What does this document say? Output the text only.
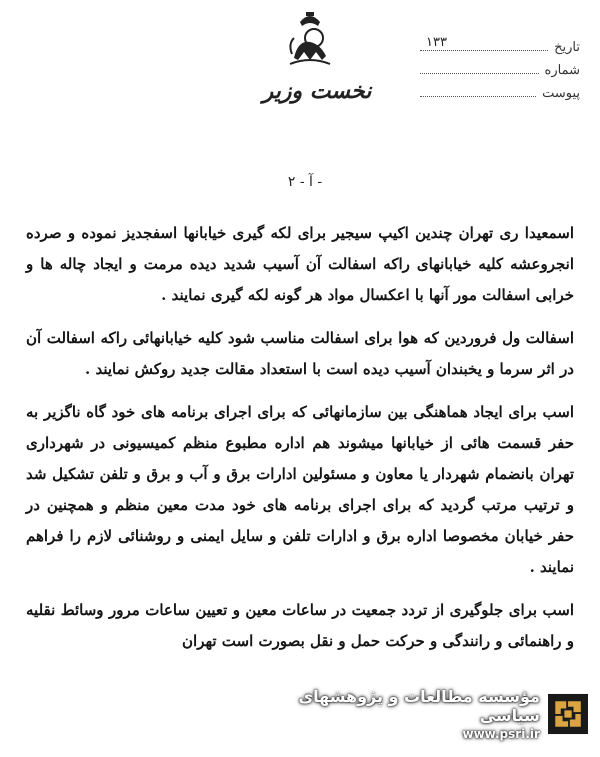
نخست وزیر
تاریخ
۱۳۳
شماره
پیوست
۲ - آ -

اسمعیدا ری تهران چندین اکیپ سیجیر برای لکه گیری خیابانها اسفجدیز نموده و صرده انجروعشه کلیه خیابانهای راکه اسفالت آن آسیب شدید دیده مرمت و ایجاد چاله ها و خرابی اسفالت مور آنها با اعکسال مواد هر گونه لکه گیری نمایند .

اسفالت ول فروردین که هوا برای اسفالت مناسب شود کلیه خیابانهائی راکه اسفالت آن در اثر سرما و یخبندان آسیب دیده است با استعداد مقالت جدید روکش نمایند .

اسب برای ایجاد هماهنگی بین سازمانهائی که برای اجرای برنامه های خود گاه ناگزیر به حفر قسمت هائی از خیابانها میشوند هم اداره مطبوع منظم کمیسیونی در شهرداری تهران بانضمام شهردار یا معاون و مسئولین ادارات برق و آب و برق و تلفن تشکیل شد و ترتیب مرتب گردید که برای اجرای برنامه های خود مدت معین منظم و همچنین در حفر خیابان مخصوصا اداره برق و ادارات تلفن و سایل ایمنی و روشنائی لازم را فراهم نمایند .

اسب برای جلوگیری از تردد جمعیت در ساعات معین و تعیین ساعات مرور وسائط نقلیه و راهنمائی و رانندگی و حرکت حمل و نقل بصورت است تهران

مؤسسه مطالعات و پژوهشهای سیاسی
www.psri.ir
